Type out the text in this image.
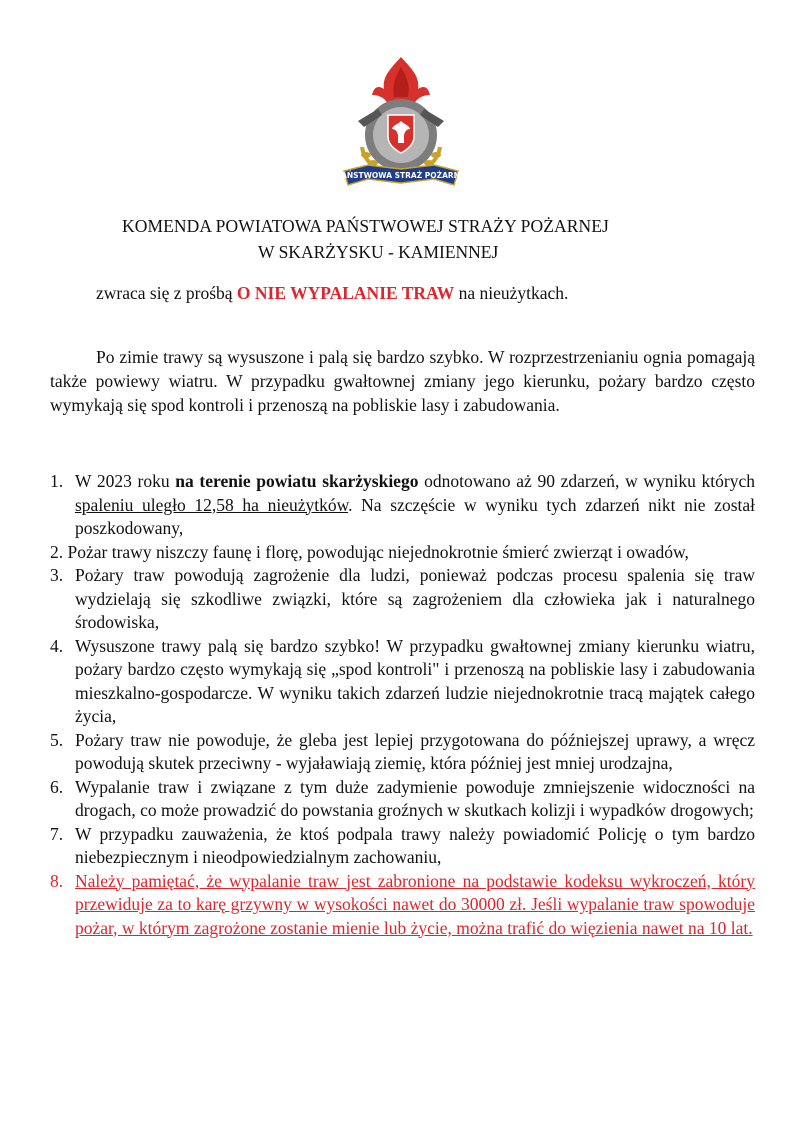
PAŃSTWOWA STRAŻ POŻARNA
KOMENDA POWIATOWA PAŃSTWOWEJ STRAŻY POŻARNEJ
W SKARŻYSKU - KAMIENNEJ
zwraca się z prośbą O NIE WYPALANIE TRAW na nieużytkach.

Po zimie trawy są wysuszone i palą się bardzo szybko. W rozprzestrzenianiu ognia pomagają także powiewy wiatru. W przypadku gwałtownej zmiany jego kierunku, pożary bardzo często wymykają się spod kontroli i przenoszą na pobliskie lasy i zabudowania.

1. W 2023 roku na terenie powiatu skarżyskiego odnotowano aż 90 zdarzeń, w wyniku których spaleniu uległo 12,58 ha nieużytków. Na szczęście w wyniku tych zdarzeń nikt nie został poszkodowany,
2. Pożar trawy niszczy faunę i florę, powodując niejednokrotnie śmierć zwierząt i owadów,
3. Pożary traw powodują zagrożenie dla ludzi, ponieważ podczas procesu spalenia się traw wydzielają się szkodliwe związki, które są zagrożeniem dla człowieka jak i naturalnego środowiska,
4. Wysuszone trawy palą się bardzo szybko! W przypadku gwałtownej zmiany kierunku wiatru, pożary bardzo często wymykają się „spod kontroli" i przenoszą na pobliskie lasy i zabudowania mieszkalno-gospodarcze. W wyniku takich zdarzeń ludzie niejednokrotnie tracą majątek całego życia,
5. Pożary traw nie powoduje, że gleba jest lepiej przygotowana do późniejszej uprawy, a wręcz powodują skutek przeciwny - wyjaławiają ziemię, która później jest mniej urodzajna,
6. Wypalanie traw i związane z tym duże zadymienie powoduje zmniejszenie widoczności na drogach, co może prowadzić do powstania groźnych w skutkach kolizji i wypadków drogowych;
7. W przypadku zauważenia, że ktoś podpala trawy należy powiadomić Policję o tym bardzo niebezpiecznym i nieodpowiedzialnym zachowaniu,
8. Należy pamiętać, że wypalanie traw jest zabronione na podstawie kodeksu wykroczeń, który przewiduje za to karę grzywny w wysokości nawet do 30000 zł. Jeśli wypalanie traw spowoduje pożar, w którym zagrożone zostanie mienie lub życie, można trafić do więzienia nawet na 10 lat.
